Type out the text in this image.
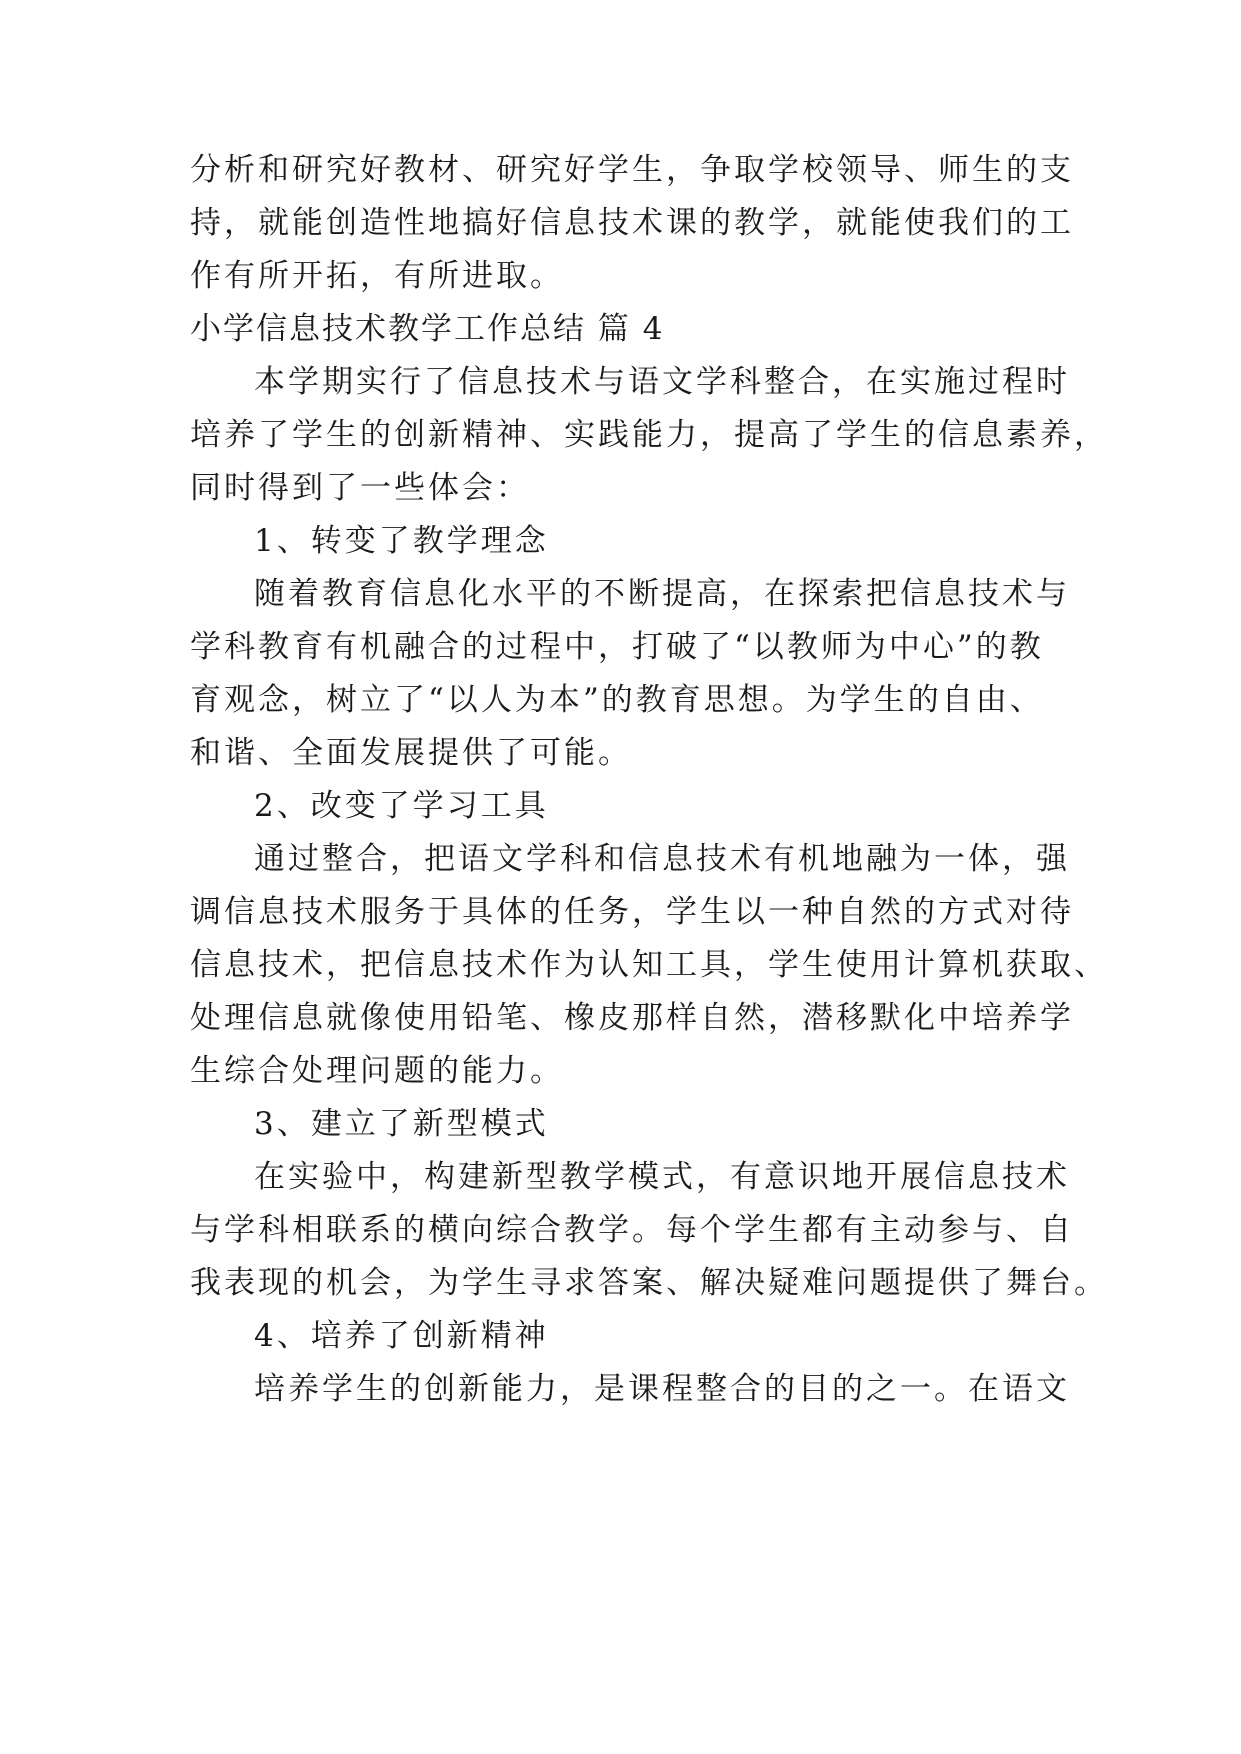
分析和研究好教材、研究好学生，争取学校领导、师生的支
持，就能创造性地搞好信息技术课的教学，就能使我们的工
作有所开拓，有所进取。
小学信息技术教学工作总结 篇 4
本学期实行了信息技术与语文学科整合，在实施过程时
培养了学生的创新精神、实践能力，提高了学生的信息素养，
同时得到了一些体会：
1、转变了教学理念
随着教育信息化水平的不断提高，在探索把信息技术与
学科教育有机融合的过程中，打破了“以教师为中心”的教
育观念，树立了“以人为本”的教育思想。为学生的自由、
和谐、全面发展提供了可能。
2、改变了学习工具
通过整合，把语文学科和信息技术有机地融为一体，强
调信息技术服务于具体的任务，学生以一种自然的方式对待
信息技术，把信息技术作为认知工具，学生使用计算机获取、
处理信息就像使用铅笔、橡皮那样自然，潜移默化中培养学
生综合处理问题的能力。
3、建立了新型模式
在实验中，构建新型教学模式，有意识地开展信息技术
与学科相联系的横向综合教学。每个学生都有主动参与、自
我表现的机会，为学生寻求答案、解决疑难问题提供了舞台。
4、培养了创新精神
培养学生的创新能力，是课程整合的目的之一。在语文
